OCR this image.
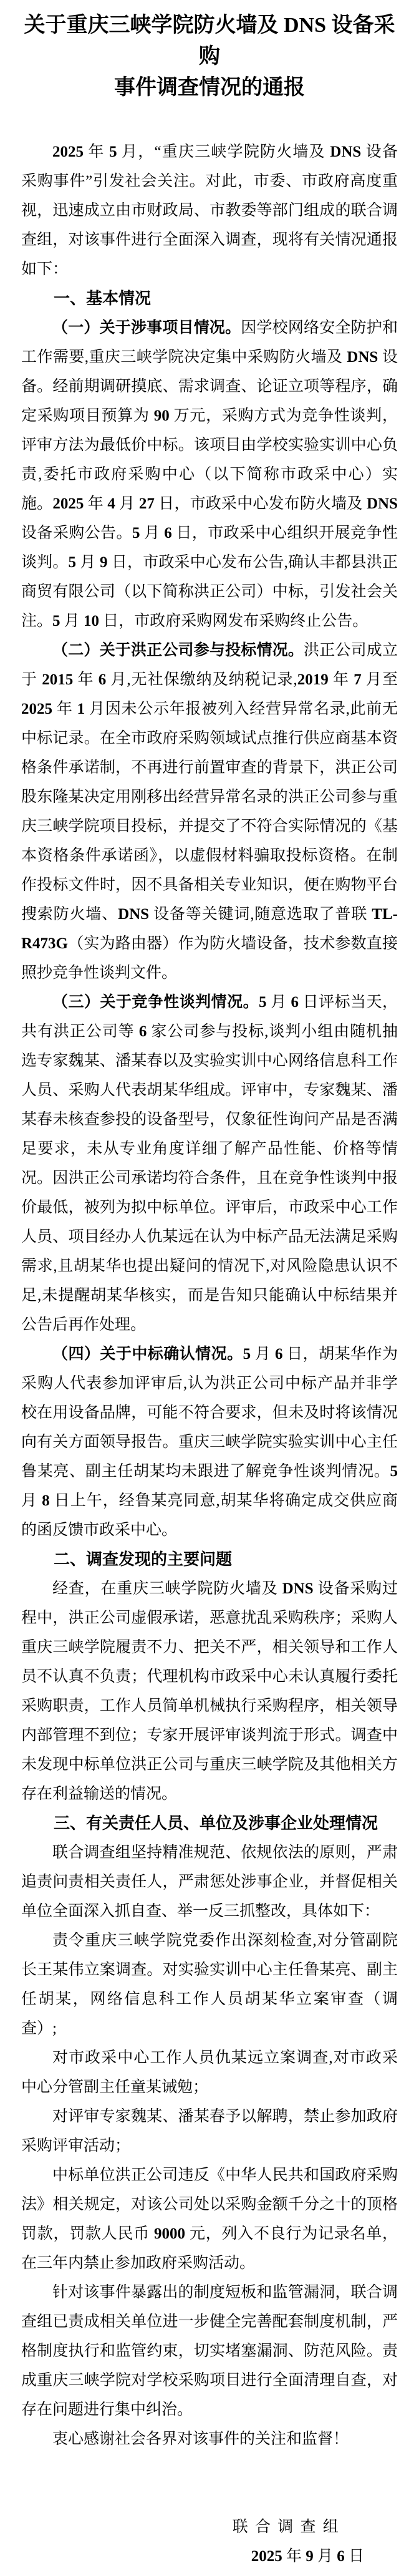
关于重庆三峡学院防火墙及 DNS 设备采购
事件调查情况的通报

2025 年 5 月，“重庆三峡学院防火墙及 DNS 设备采购事件”引发社会关注。对此，市委、市政府高度重视，迅速成立由市财政局、市教委等部门组成的联合调查组，对该事件进行全面深入调查，现将有关情况通报如下：

一、基本情况

（一）关于涉事项目情况。因学校网络安全防护和工作需要,重庆三峡学院决定集中采购防火墙及 DNS 设备。经前期调研摸底、需求调查、论证立项等程序，确定采购项目预算为 90 万元，采购方式为竞争性谈判，评审方法为最低价中标。该项目由学校实验实训中心负责,委托市政府采购中心（以下简称市政采中心）实施。2025 年 4 月 27 日，市政采中心发布防火墙及 DNS 设备采购公告。5 月 6 日，市政采中心组织开展竞争性谈判。5 月 9 日，市政采中心发布公告,确认丰都县洪正商贸有限公司（以下简称洪正公司）中标，引发社会关注。5 月 10 日，市政府采购网发布采购终止公告。

（二）关于洪正公司参与投标情况。洪正公司成立于 2015 年 6 月,无社保缴纳及纳税记录,2019 年 7 月至 2025 年 1 月因未公示年报被列入经营异常名录,此前无中标记录。在全市政府采购领域试点推行供应商基本资格条件承诺制，不再进行前置审查的背景下，洪正公司股东隆某决定用刚移出经营异常名录的洪正公司参与重庆三峡学院项目投标，并提交了不符合实际情况的《基本资格条件承诺函》，以虚假材料骗取投标资格。在制作投标文件时，因不具备相关专业知识，便在购物平台搜索防火墙、DNS 设备等关键词,随意选取了普联 TL-R473G（实为路由器）作为防火墙设备，技术参数直接照抄竞争性谈判文件。

（三）关于竞争性谈判情况。5 月 6 日评标当天，共有洪正公司等 6 家公司参与投标,谈判小组由随机抽选专家魏某、潘某春以及实验实训中心网络信息科工作人员、采购人代表胡某华组成。评审中，专家魏某、潘某春未核查参投的设备型号，仅象征性询问产品是否满足要求，未从专业角度详细了解产品性能、价格等情况。因洪正公司承诺均符合条件，且在竞争性谈判中报价最低，被列为拟中标单位。评审后，市政采中心工作人员、项目经办人仇某远在认为中标产品无法满足采购需求,且胡某华也提出疑问的情况下,对风险隐患认识不足,未提醒胡某华核实，而是告知只能确认中标结果并公告后再作处理。

（四）关于中标确认情况。5 月 6 日，胡某华作为采购人代表参加评审后,认为洪正公司中标产品并非学校在用设备品牌，可能不符合要求，但未及时将该情况向有关方面领导报告。重庆三峡学院实验实训中心主任鲁某亮、副主任胡某均未跟进了解竞争性谈判情况。5 月 8 日上午，经鲁某亮同意,胡某华将确定成交供应商的函反馈市政采中心。

二、调查发现的主要问题

经查，在重庆三峡学院防火墙及 DNS 设备采购过程中，洪正公司虚假承诺，恶意扰乱采购秩序；采购人重庆三峡学院履责不力、把关不严，相关领导和工作人员不认真不负责；代理机构市政采中心未认真履行委托采购职责，工作人员简单机械执行采购程序，相关领导内部管理不到位；专家开展评审谈判流于形式。调查中未发现中标单位洪正公司与重庆三峡学院及其他相关方存在利益输送的情况。

三、有关责任人员、单位及涉事企业处理情况

联合调查组坚持精准规范、依规依法的原则，严肃追责问责相关责任人，严肃惩处涉事企业，并督促相关单位全面深入抓自查、举一反三抓整改，具体如下：

责令重庆三峡学院党委作出深刻检查,对分管副院长王某伟立案调查。对实验实训中心主任鲁某亮、副主任胡某，网络信息科工作人员胡某华立案审查（调查）;

对市政采中心工作人员仇某远立案调查,对市政采中心分管副主任童某诫勉；

对评审专家魏某、潘某春予以解聘，禁止参加政府采购评审活动；

中标单位洪正公司违反《中华人民共和国政府采购法》相关规定，对该公司处以采购金额千分之十的顶格罚款，罚款人民币 9000 元，列入不良行为记录名单，在三年内禁止参加政府采购活动。

针对该事件暴露出的制度短板和监管漏洞，联合调查组已责成相关单位进一步健全完善配套制度机制，严格制度执行和监管约束，切实堵塞漏洞、防范风险。责成重庆三峡学院对学校采购项目进行全面清理自查，对存在问题进行集中纠治。

衷心感谢社会各界对该事件的关注和监督！

联合调查组
2025 年 9 月 6 日
